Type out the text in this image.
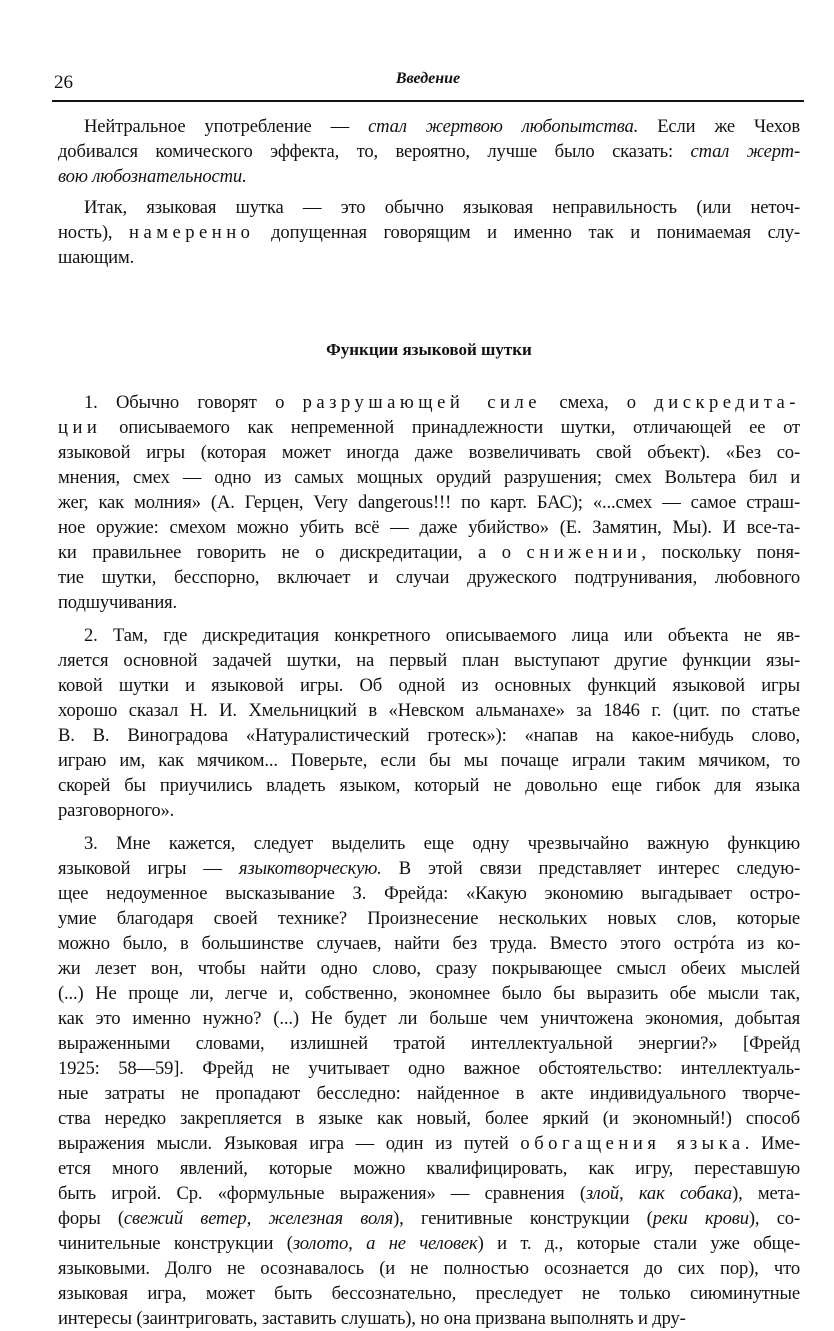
26	Введение
Нейтральное употребление — стал жертвою любопытства. Если же Чехов
добивался комического эффекта, то, вероятно, лучше было сказать: стал жерт-
вою любознательности.
Итак, языковая шутка — это обычно языковая неправильность (или неточ-
ность), намеренно допущенная говорящим и именно так и понимаемая слу-
шающим.
Функции языковой шутки
1. Обычно говорят о разрушающей силе смеха, о дискредита-
ции описываемого как непременной принадлежности шутки, отличающей ее от
языковой игры (которая может иногда даже возвеличивать свой объект). «Без со-
мнения, смех — одно из самых мощных орудий разрушения; смех Вольтера бил и
жег, как молния» (А. Герцен, Very dangerous!!! по карт. БАС); «...смех — самое страш-
ное оружие: смехом можно убить всё — даже убийство» (Е. Замятин, Мы). И все-та-
ки правильнее говорить не о дискредитации, а о снижении, поскольку поня-
тие шутки, бесспорно, включает и случаи дружеского подтрунивания, любовного
подшучивания.
2. Там, где дискредитация конкретного описываемого лица или объекта не яв-
ляется основной задачей шутки, на первый план выступают другие функции язы-
ковой шутки и языковой игры. Об одной из основных функций языковой игры
хорошо сказал Н. И. Хмельницкий в «Невском альманахе» за 1846 г. (цит. по статье
В. В. Виноградова «Натуралистический гротеск»): «напав на какое-нибудь слово,
играю им, как мячиком... Поверьте, если бы мы почаще играли таким мячиком, то
скорей бы приучились владеть языком, который не довольно еще гибок для языка
разговорного».
3. Мне кажется, следует выделить еще одну чрезвычайно важную функцию
языковой игры — языкотворческую. В этой связи представляет интерес следую-
щее недоуменное высказывание З. Фрейда: «Какую экономию выгадывает остро-
умие благодаря своей технике? Произнесение нескольких новых слов, которые
можно было, в большинстве случаев, найти без труда. Вместо этого острóта из ко-
жи лезет вон, чтобы найти одно слово, сразу покрывающее смысл обеих мыслей
(...) Не проще ли, легче и, собственно, экономнее было бы выразить обе мысли так,
как это именно нужно? (...) Не будет ли больше чем уничтожена экономия, добытая
выраженными словами, излишней тратой интеллектуальной энергии?» [Фрейд
1925: 58—59]. Фрейд не учитывает одно важное обстоятельство: интеллектуаль-
ные затраты не пропадают бесследно: найденное в акте индивидуального творче-
ства нередко закрепляется в языке как новый, более яркий (и экономный!) способ
выражения мысли. Языковая игра — один из путей обогащения языка. Име-
ется много явлений, которые можно квалифицировать, как игру, переставшую
быть игрой. Ср. «формульные выражения» — сравнения (злой, как собака), мета-
форы (свежий ветер, железная воля), генитивные конструкции (реки крови), со-
чинительные конструкции (золото, а не человек) и т. д., которые стали уже обще-
языковыми. Долго не осознавалось (и не полностью осознается до сих пор), что
языковая игра, может быть бессознательно, преследует не только сиюминутные
интересы (заинтриговать, заставить слушать), но она призвана выполнять и дру-
